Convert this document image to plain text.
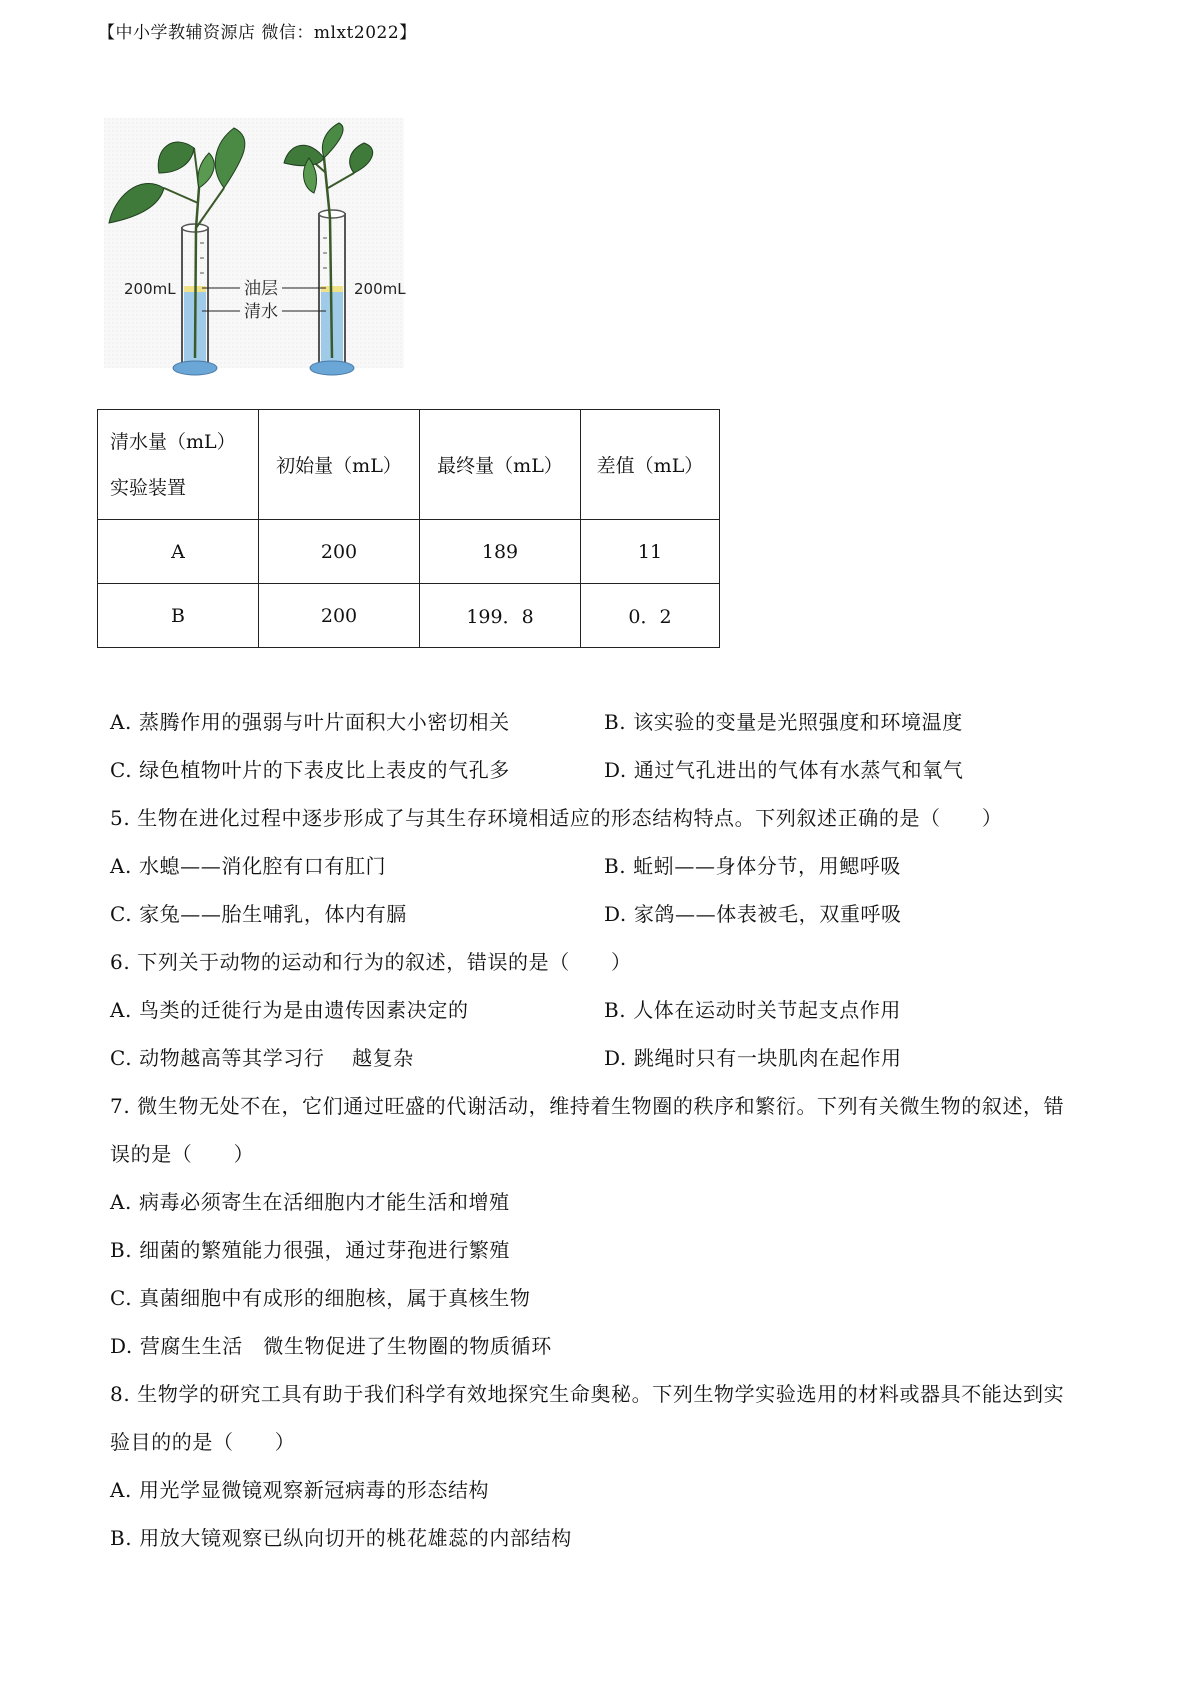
【中小学教辅资源店 微信：mlxt2022】
200mL	200mL
油层
清水
清水量（mL）
实验装置	初始量（mL）	最终量（mL）	差值（mL）
A	200	189	11
B	200	199．8	0．2
A. 蒸腾作用的强弱与叶片面积大小密切相关	B. 该实验的变量是光照强度和环境温度
C. 绿色植物叶片的下表皮比上表皮的气孔多	D. 通过气孔进出的气体有水蒸气和氧气
5. 生物在进化过程中逐步形成了与其生存环境相适应的形态结构特点。下列叙述正确的是（　　）
A. 水螅——消化腔有口有肛门	B. 蚯蚓——身体分节，用鳃呼吸
C. 家兔——胎生哺乳，体内有膈	D. 家鸽——体表被毛，双重呼吸
6. 下列关于动物的运动和行为的叙述，错误的是（　　）
A. 鸟类的迁徙行为是由遗传因素决定的	B. 人体在运动时关节起支点作用
C. 动物越高等其学习行　 越复杂	D. 跳绳时只有一块肌肉在起作用
7. 微生物无处不在，它们通过旺盛的代谢活动，维持着生物圈的秩序和繁衍。下列有关微生物的叙述，错
误的是（　　）
A. 病毒必须寄生在活细胞内才能生活和增殖
B. 细菌的繁殖能力很强，通过芽孢进行繁殖
C. 真菌细胞中有成形的细胞核，属于真核生物
D. 营腐生生活　微生物促进了生物圈的物质循环
8. 生物学的研究工具有助于我们科学有效地探究生命奥秘。下列生物学实验选用的材料或器具不能达到实
验目的的是（　　）
A. 用光学显微镜观察新冠病毒的形态结构
B. 用放大镜观察已纵向切开的桃花雄蕊的内部结构
